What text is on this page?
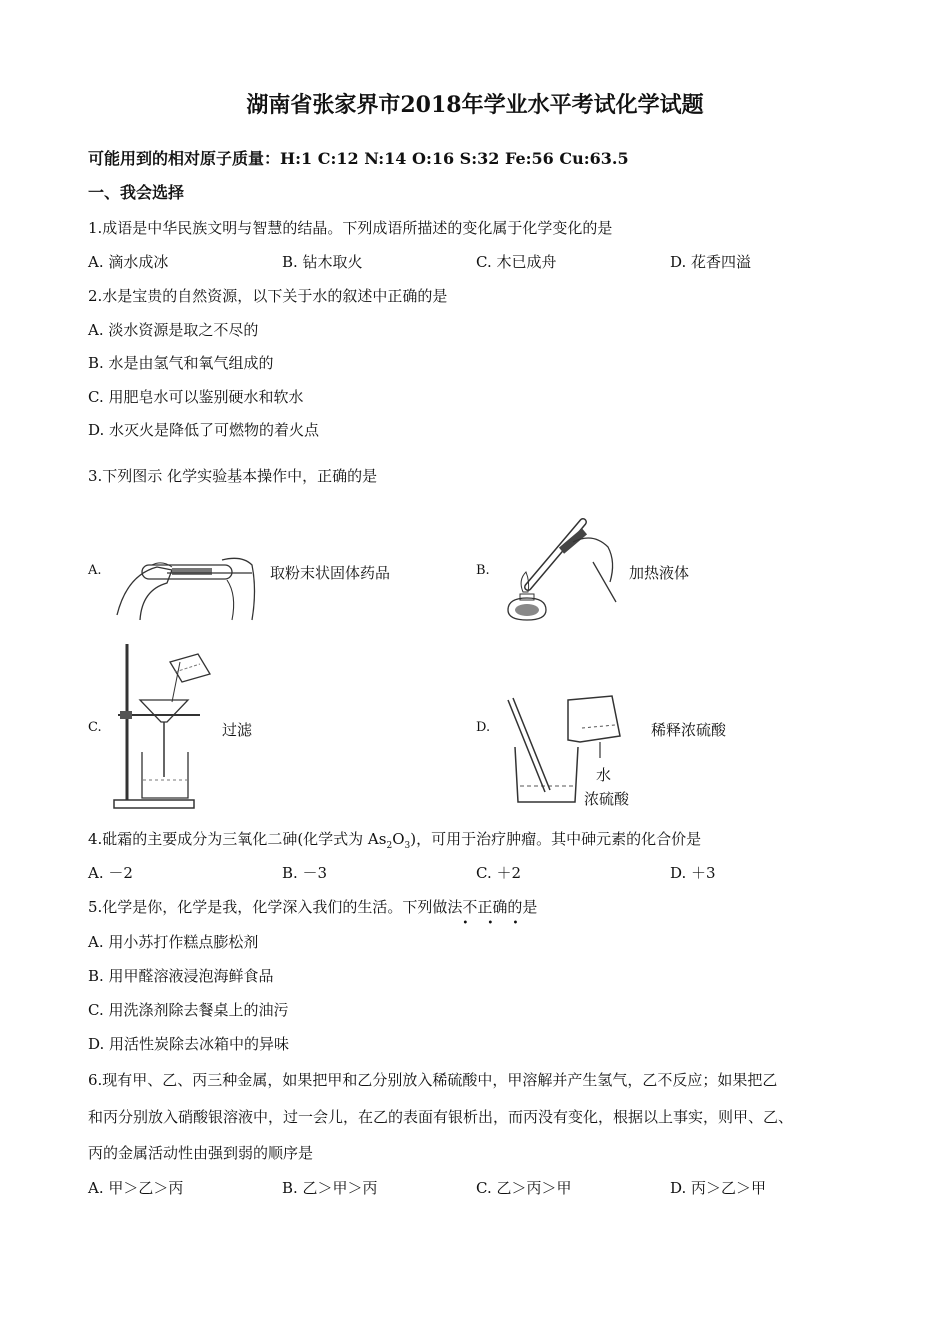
湖南省张家界市2018年学业水平考试化学试题
可能用到的相对原子质量：H:1 C:12 N:14 O:16 S:32 Fe:56 Cu:63.5
一、我会选择
1.成语是中华民族文明与智慧的结晶。下列成语所描述的变化属于化学变化的是
A. 滴水成冰	B. 钻木取火	C. 木已成舟	D. 花香四溢
2.水是宝贵的自然资源，以下关于水的叙述中正确的是
A. 淡水资源是取之不尽的
B. 水是由氢气和氧气组成的
C. 用肥皂水可以鉴别硬水和软水
D. 水灭火是降低了可燃物的着火点
3.下列图示 化学实验基本操作中，正确的是
A.	取粉末状固体药品	B.	加热液体
C.	过滤	D.
水
浓硫酸
稀释浓硫酸
4.砒霜的主要成分为三氧化二砷(化学式为 $As_2O_3$)，可用于治疗肿瘤。其中砷元素的化合价是
A. －2	B. －3	C. ＋2	D. ＋3
5.化学是你，化学是我，化学深入我们的生活。下列做法不正确
• • •
的是
A. 用小苏打作糕点膨松剂
B. 用甲醛溶液浸泡海鲜食品
C. 用洗涤剂除去餐桌上的油污
D. 用活性炭除去冰箱中的异味
6.现有甲、乙、丙三种金属，如果把甲和乙分别放入稀硫酸中，甲溶解并产生氢气，乙不反应；如果把乙
和丙分别放入硝酸银溶液中，过一会儿，在乙的表面有银析出，而丙没有变化，根据以上事实，则甲、乙、
丙的金属活动性由强到弱的顺序是
A. 甲＞乙＞丙	B. 乙＞甲＞丙	C. 乙＞丙＞甲	D. 丙＞乙＞甲
